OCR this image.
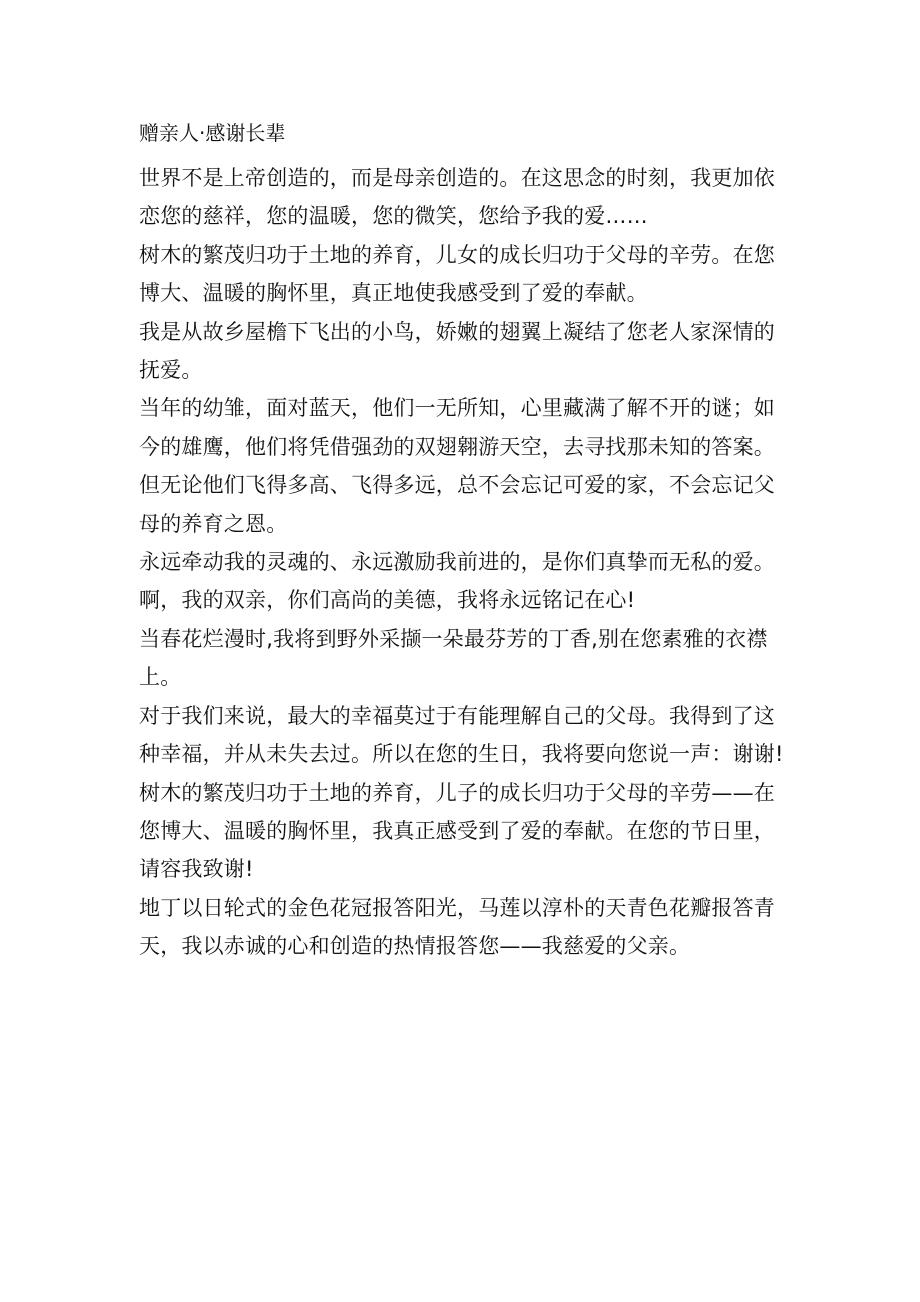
赠亲人·感谢长辈

世界不是上帝创造的，而是母亲创造的。在这思念的时刻，我更加依恋您的慈祥，您的温暖，您的微笑，您给予我的爱……

树木的繁茂归功于土地的养育，儿女的成长归功于父母的辛劳。在您博大、温暖的胸怀里，真正地使我感受到了爱的奉献。

我是从故乡屋檐下飞出的小鸟，娇嫩的翅翼上凝结了您老人家深情的抚爱。

当年的幼雏，面对蓝天，他们一无所知，心里藏满了解不开的谜；如今的雄鹰，他们将凭借强劲的双翅翱游天空，去寻找那未知的答案。但无论他们飞得多高、飞得多远，总不会忘记可爱的家，不会忘记父母的养育之恩。

永远牵动我的灵魂的、永远激励我前进的，是你们真挚而无私的爱。

啊，我的双亲，你们高尚的美德，我将永远铭记在心!

当春花烂漫时,我将到野外采撷一朵最芬芳的丁香,别在您素雅的衣襟上。

对于我们来说，最大的幸福莫过于有能理解自己的父母。我得到了这种幸福，并从未失去过。所以在您的生日，我将要向您说一声：谢谢!

树木的繁茂归功于土地的养育，儿子的成长归功于父母的辛劳——在您博大、温暖的胸怀里，我真正感受到了爱的奉献。在您的节日里，请容我致谢!

地丁以日轮式的金色花冠报答阳光，马莲以淳朴的天青色花瓣报答青天，我以赤诚的心和创造的热情报答您——我慈爱的父亲。
